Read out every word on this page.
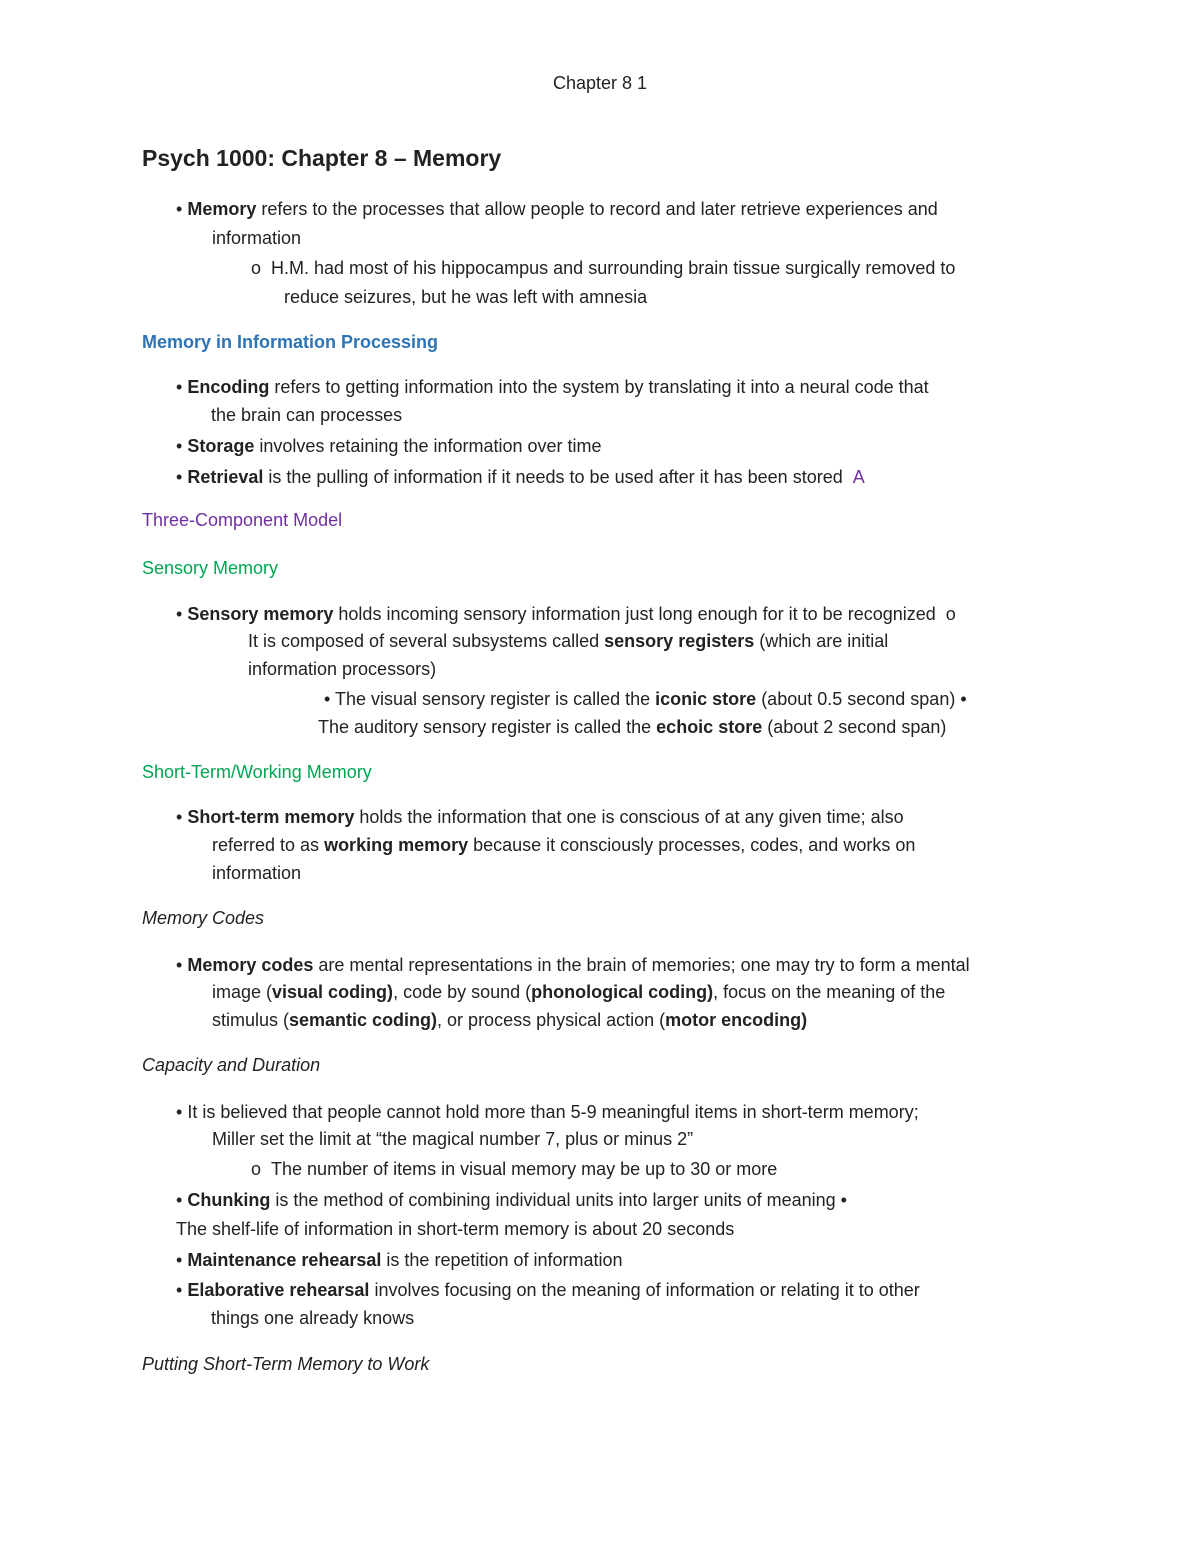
Chapter 8 1
Psych 1000: Chapter 8 – Memory
• Memory refers to the processes that allow people to record and later retrieve experiences and
information
o H.M. had most of his hippocampus and surrounding brain tissue surgically removed to
reduce seizures, but he was left with amnesia
Memory in Information Processing
• Encoding refers to getting information into the system by translating it into a neural code that
the brain can processes
• Storage involves retaining the information over time
• Retrieval is the pulling of information if it needs to be used after it has been stored A
Three-Component Model
Sensory Memory
• Sensory memory holds incoming sensory information just long enough for it to be recognized o
It is composed of several subsystems called sensory registers (which are initial
information processors)
• The visual sensory register is called the iconic store (about 0.5 second span) •
The auditory sensory register is called the echoic store (about 2 second span)
Short-Term/Working Memory
• Short-term memory holds the information that one is conscious of at any given time; also
referred to as working memory because it consciously processes, codes, and works on
information
Memory Codes
• Memory codes are mental representations in the brain of memories; one may try to form a mental
image (visual coding), code by sound (phonological coding), focus on the meaning of the
stimulus (semantic coding), or process physical action (motor encoding)
Capacity and Duration
• It is believed that people cannot hold more than 5-9 meaningful items in short-term memory;
Miller set the limit at “the magical number 7, plus or minus 2”
o The number of items in visual memory may be up to 30 or more
• Chunking is the method of combining individual units into larger units of meaning •
The shelf-life of information in short-term memory is about 20 seconds
• Maintenance rehearsal is the repetition of information
• Elaborative rehearsal involves focusing on the meaning of information or relating it to other
things one already knows
Putting Short-Term Memory to Work
